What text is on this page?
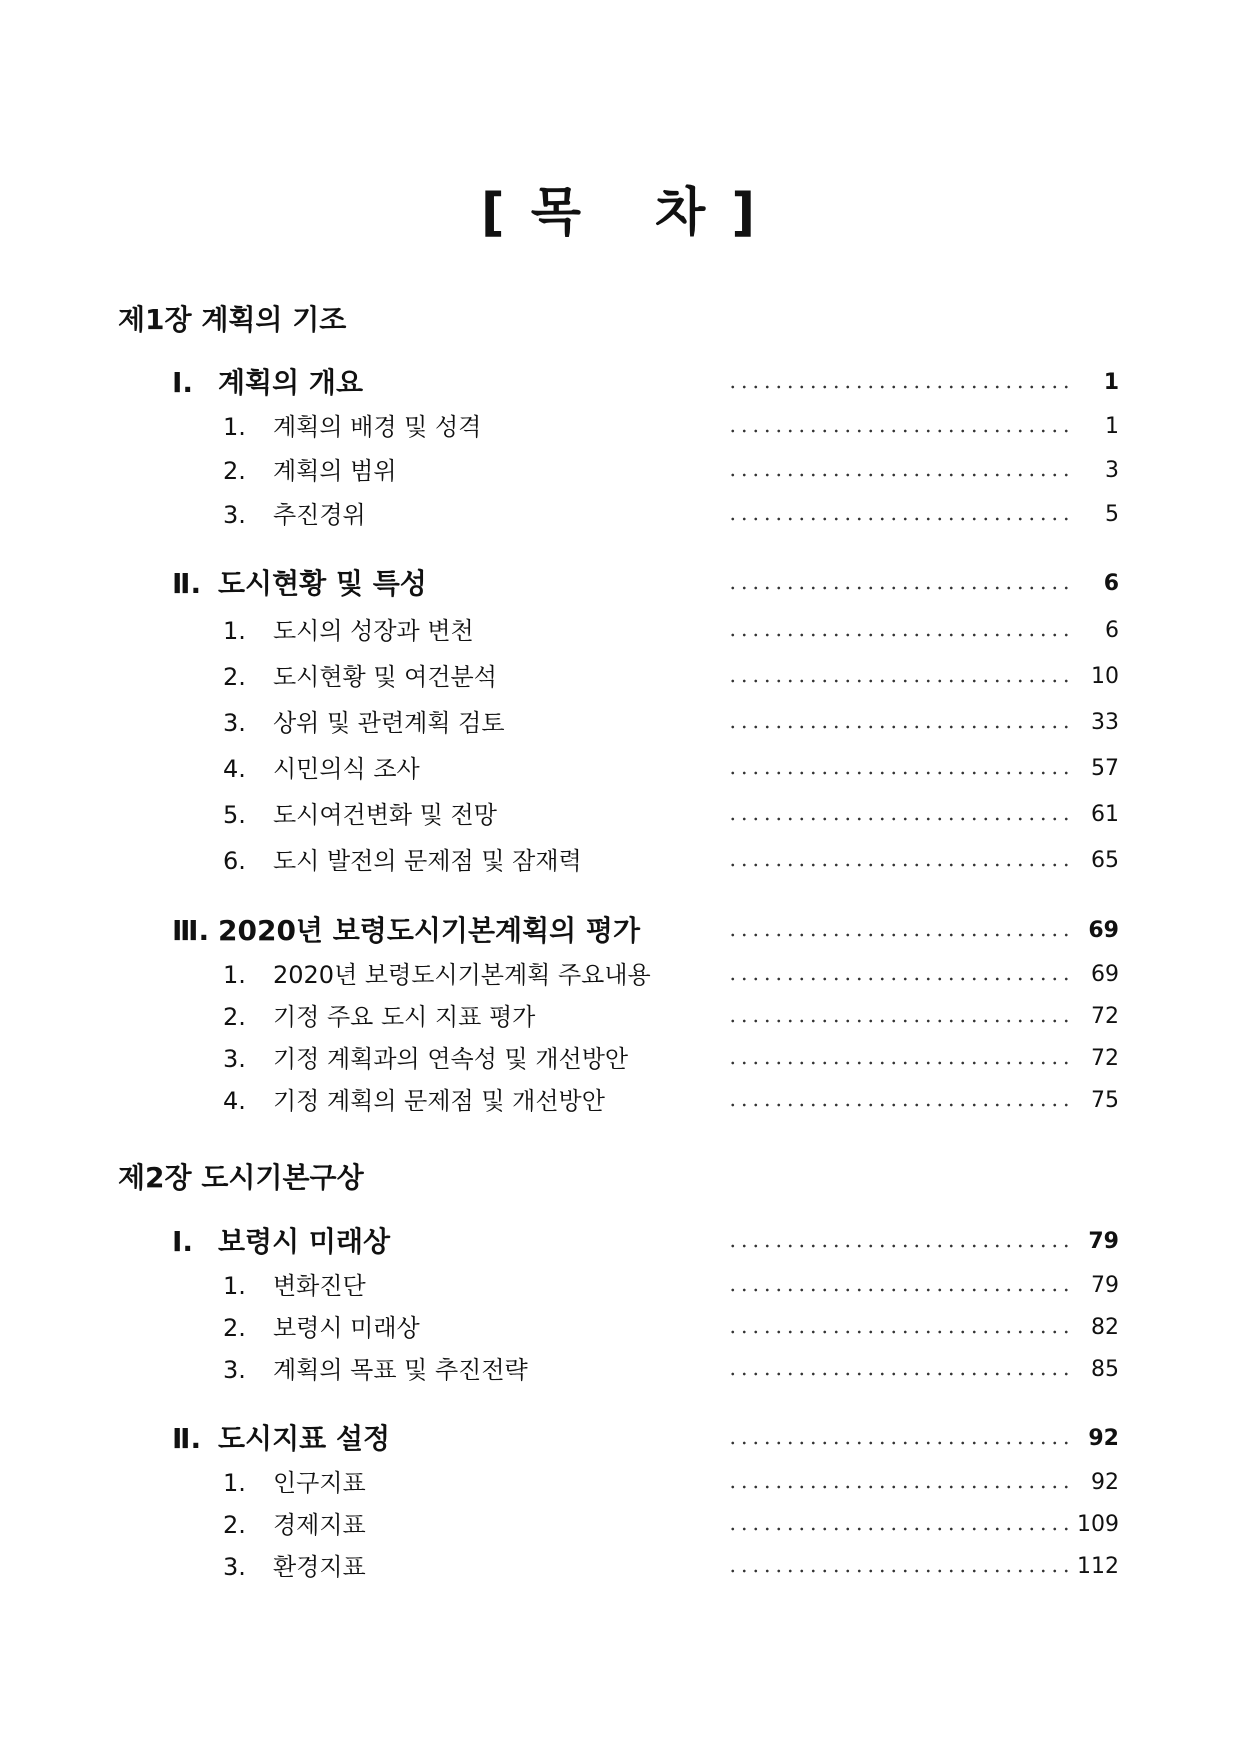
[ 목 차 ]
제1장 계획의 기조
Ⅰ. 계획의 개요	1
1. 계획의 배경 및 성격	1
2. 계획의 범위	3
3. 추진경위	5
Ⅱ. 도시현황 및 특성	6
1. 도시의 성장과 변천	6
2. 도시현황 및 여건분석	10
3. 상위 및 관련계획 검토	33
4. 시민의식 조사	57
5. 도시여건변화 및 전망	61
6. 도시 발전의 문제점 및 잠재력	65
Ⅲ. 2020년 보령도시기본계획의 평가	69
1. 2020년 보령도시기본계획 주요내용	69
2. 기정 주요 도시 지표 평가	72
3. 기정 계획과의 연속성 및 개선방안	72
4. 기정 계획의 문제점 및 개선방안	75
제2장 도시기본구상
Ⅰ. 보령시 미래상	79
1. 변화진단	79
2. 보령시 미래상	82
3. 계획의 목표 및 추진전략	85
Ⅱ. 도시지표 설정	92
1. 인구지표	92
2. 경제지표	109
3. 환경지표	112
